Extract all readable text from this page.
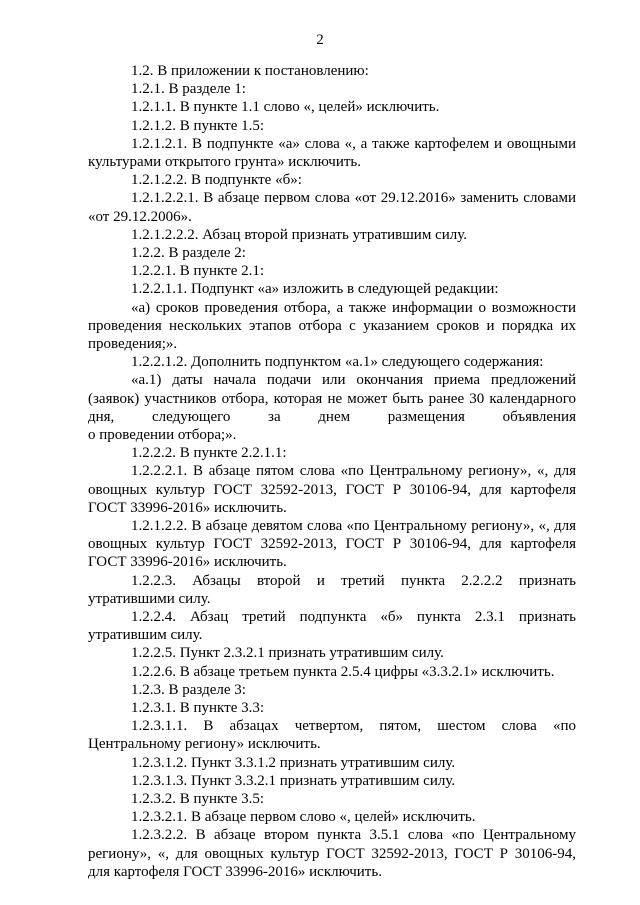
2
1.2. В приложении к постановлению:
1.2.1. В разделе 1:
1.2.1.1. В пункте 1.1 слово «, целей» исключить.
1.2.1.2. В пункте 1.5:
1.2.1.2.1. В подпункте «а» слова «, а также картофелем и овощными
культурами открытого грунта» исключить.
1.2.1.2.2. В подпункте «б»:
1.2.1.2.2.1. В абзаце первом слова «от 29.12.2016» заменить словами
«от 29.12.2006».
1.2.1.2.2.2. Абзац второй признать утратившим силу.
1.2.2. В разделе 2:
1.2.2.1. В пункте 2.1:
1.2.2.1.1. Подпункт «а» изложить в следующей редакции:
«а) сроков проведения отбора, а также информации о возможности
проведения нескольких этапов отбора с указанием сроков и порядка их
проведения;».
1.2.2.1.2. Дополнить подпунктом «а.1» следующего содержания:
«а.1) даты начала подачи или окончания приема предложений
(заявок) участников отбора, которая не может быть ранее 30 календарного
дня, следующего за днем размещения объявления
о проведении отбора;».
1.2.2.2. В пункте 2.2.1.1:
1.2.2.2.1. В абзаце пятом слова «по Центральному региону», «, для
овощных культур ГОСТ 32592-2013, ГОСТ Р 30106-94, для картофеля
ГОСТ 33996-2016» исключить.
1.2.1.2.2. В абзаце девятом слова «по Центральному региону», «, для
овощных культур ГОСТ 32592-2013, ГОСТ Р 30106-94, для картофеля
ГОСТ 33996-2016» исключить.
1.2.2.3. Абзацы второй и третий пункта 2.2.2.2 признать
утратившими силу.
1.2.2.4. Абзац третий подпункта «б» пункта 2.3.1 признать
утратившим силу.
1.2.2.5. Пункт 2.3.2.1 признать утратившим силу.
1.2.2.6. В абзаце третьем пункта 2.5.4 цифры «3.3.2.1» исключить.
1.2.3. В разделе 3:
1.2.3.1. В пункте 3.3:
1.2.3.1.1. В абзацах четвертом, пятом, шестом слова «по
Центральному региону» исключить.
1.2.3.1.2. Пункт 3.3.1.2 признать утратившим силу.
1.2.3.1.3. Пункт 3.3.2.1 признать утратившим силу.
1.2.3.2. В пункте 3.5:
1.2.3.2.1. В абзаце первом слово «, целей» исключить.
1.2.3.2.2. В абзаце втором пункта 3.5.1 слова «по Центральному
региону», «, для овощных культур ГОСТ 32592-2013, ГОСТ Р 30106-94,
для картофеля ГОСТ 33996-2016» исключить.
